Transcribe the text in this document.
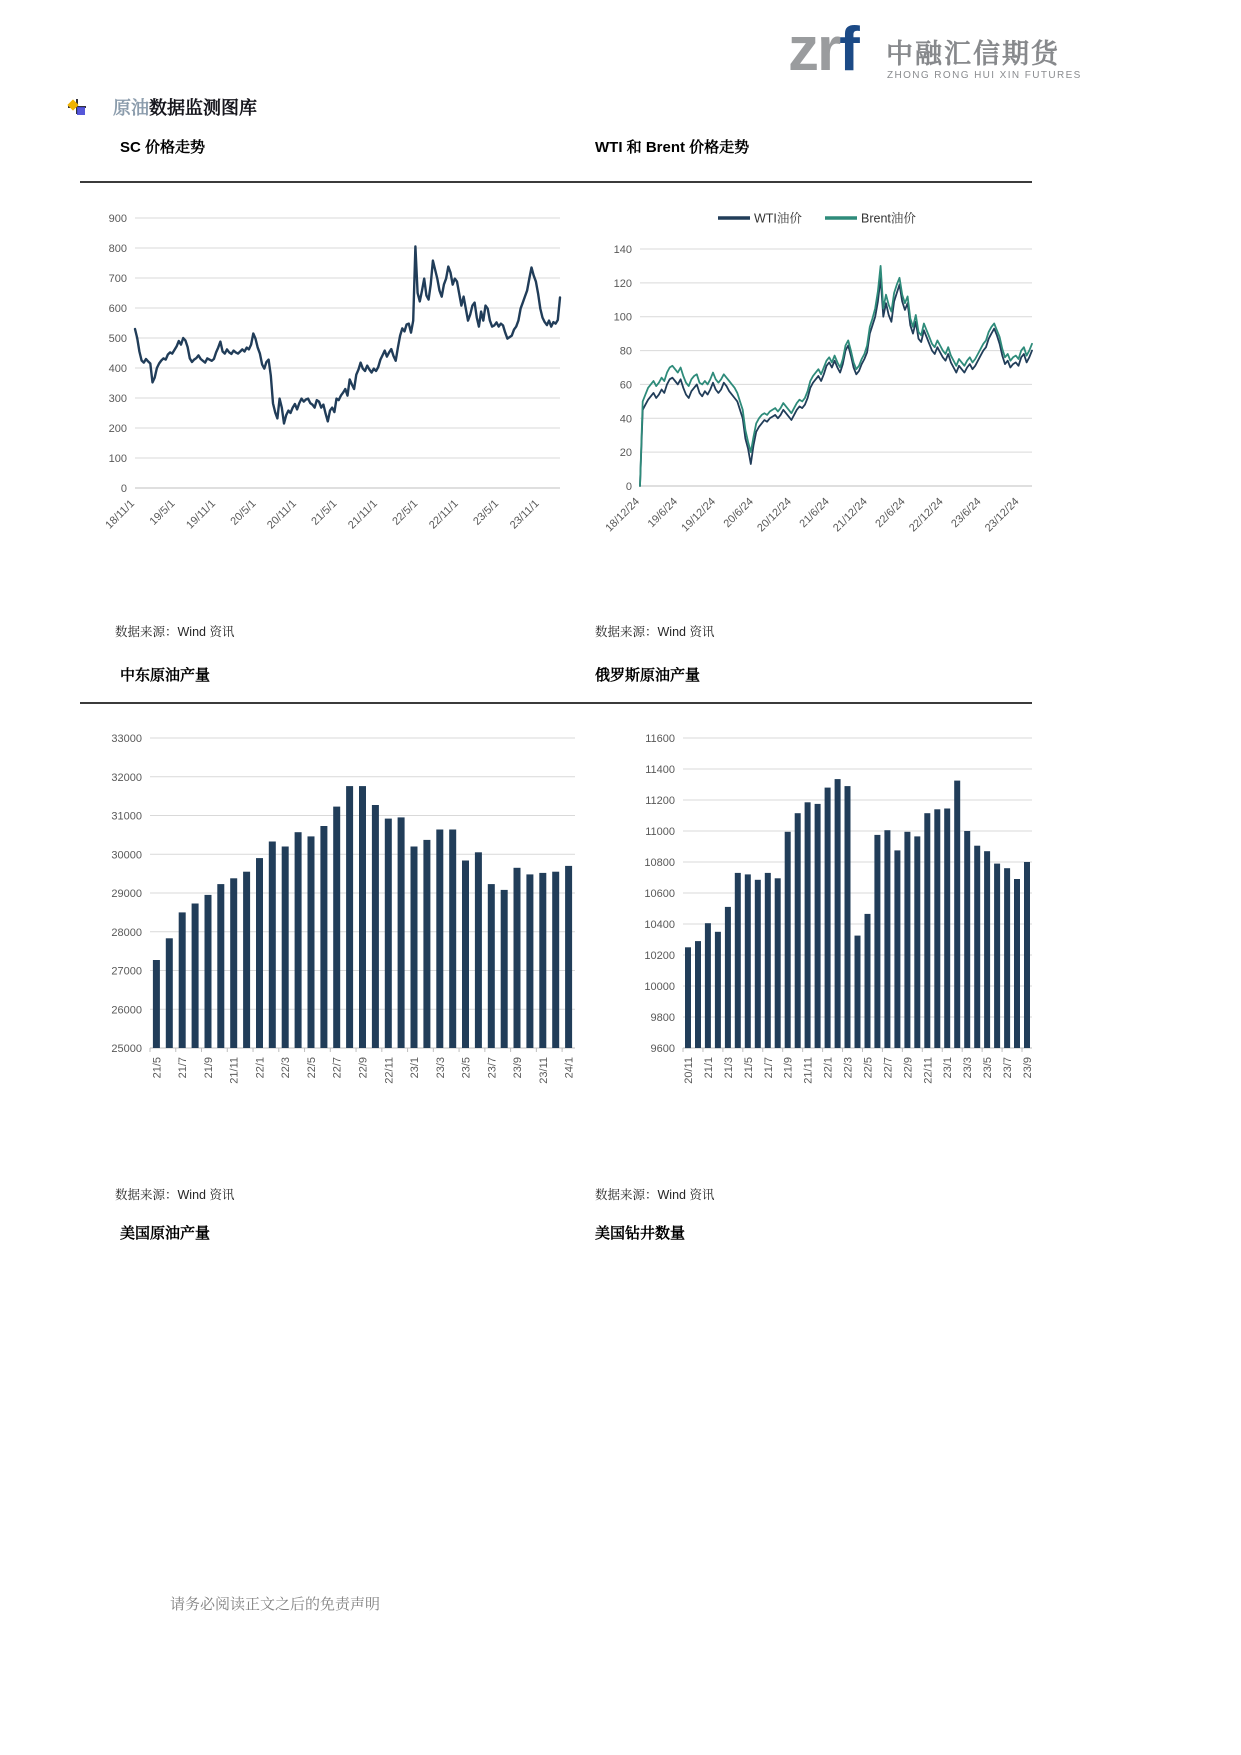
zrf 中融汇信期货
ZHONG RONG HUI XIN FUTURES
原油数据监测图库
SC 价格走势	WTI 和 Brent 价格走势
0
100
200
300
400
500
600
700
800
900
18/11/1 19/5/1 19/11/1 20/5/1 20/11/1 21/5/1 21/11/1 22/5/1 22/11/1 23/5/1 23/11/1
0
20
40
60
80
100
120
140
18/12/24 19/6/24 19/12/24 20/6/24 20/12/24 21/6/24 21/12/24 22/6/24 22/12/24 23/6/24 23/12/24
WTI油价	Brent油价
数据来源：Wind 资讯	数据来源：Wind 资讯
中东原油产量	俄罗斯原油产量
25000
26000
27000
28000
29000
30000
31000
32000
33000
21/5 21/7 21/9 21/11 22/1 22/3 22/5 22/7 22/9 22/11 23/1 23/3 23/5 23/7 23/9 23/11 24/1
9600
9800
10000
10200
10400
10600
10800
11000
11200
11400
11600
20/11 21/1 21/3 21/5 21/7 21/9 21/11 22/1 22/3 22/5 22/7 22/9 22/11 23/1 23/3 23/5 23/7 23/9
数据来源：Wind 资讯	数据来源：Wind 资讯
美国原油产量	美国钻井数量
请务必阅读正文之后的免责声明
